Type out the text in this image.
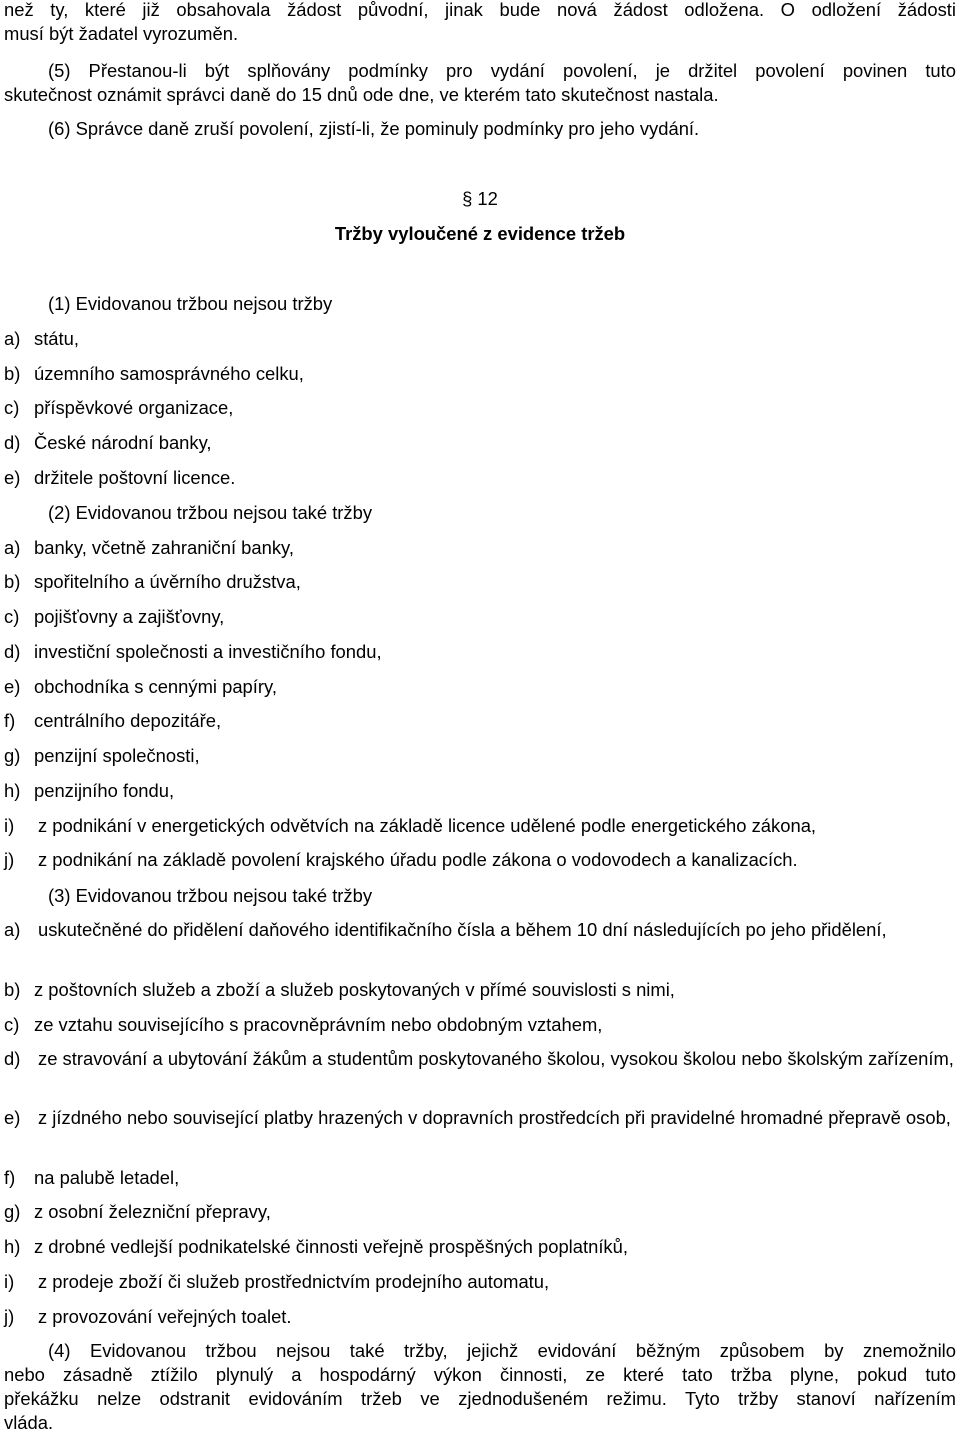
než ty, které již obsahovala žádost původní, jinak bude nová žádost odložena. O odložení žádosti
musí být žadatel vyrozuměn.
(5) Přestanou-li být splňovány podmínky pro vydání povolení, je držitel povolení povinen tuto
skutečnost oznámit správci daně do 15 dnů ode dne, ve kterém tato skutečnost nastala.
(6) Správce daně zruší povolení, zjistí-li, že pominuly podmínky pro jeho vydání.
§ 12
Tržby vyloučené z evidence tržeb
(1) Evidovanou tržbou nejsou tržby
a) státu,
b) územního samosprávného celku,
c) příspěvkové organizace,
d) České národní banky,
e) držitele poštovní licence.
(2) Evidovanou tržbou nejsou také tržby
a) banky, včetně zahraniční banky,
b) spořitelního a úvěrního družstva,
c) pojišťovny a zajišťovny,
d) investiční společnosti a investičního fondu,
e) obchodníka s cennými papíry,
f) centrálního depozitáře,
g) penzijní společnosti,
h) penzijního fondu,
i) z podnikání v energetických odvětvích na základě licence udělené podle energetického zákona,
j) z podnikání na základě povolení krajského úřadu podle zákona o vodovodech a kanalizacích.
(3) Evidovanou tržbou nejsou také tržby
a) uskutečněné do přidělení daňového identifikačního čísla a během 10 dní následujících po jeho přidělení,
b) z poštovních služeb a zboží a služeb poskytovaných v přímé souvislosti s nimi,
c) ze vztahu souvisejícího s pracovněprávním nebo obdobným vztahem,
d) ze stravování a ubytování žákům a studentům poskytovaného školou, vysokou školou nebo školským zařízením,
e) z jízdného nebo související platby hrazených v dopravních prostředcích při pravidelné hromadné přepravě osob,
f) na palubě letadel,
g) z osobní železniční přepravy,
h) z drobné vedlejší podnikatelské činnosti veřejně prospěšných poplatníků,
i) z prodeje zboží či služeb prostřednictvím prodejního automatu,
j) z provozování veřejných toalet.
(4) Evidovanou tržbou nejsou také tržby, jejichž evidování běžným způsobem by znemožnilo
nebo zásadně ztížilo plynulý a hospodárný výkon činnosti, ze které tato tržba plyne, pokud tuto
překážku nelze odstranit evidováním tržeb ve zjednodušeném režimu. Tyto tržby stanoví nařízením
vláda.
